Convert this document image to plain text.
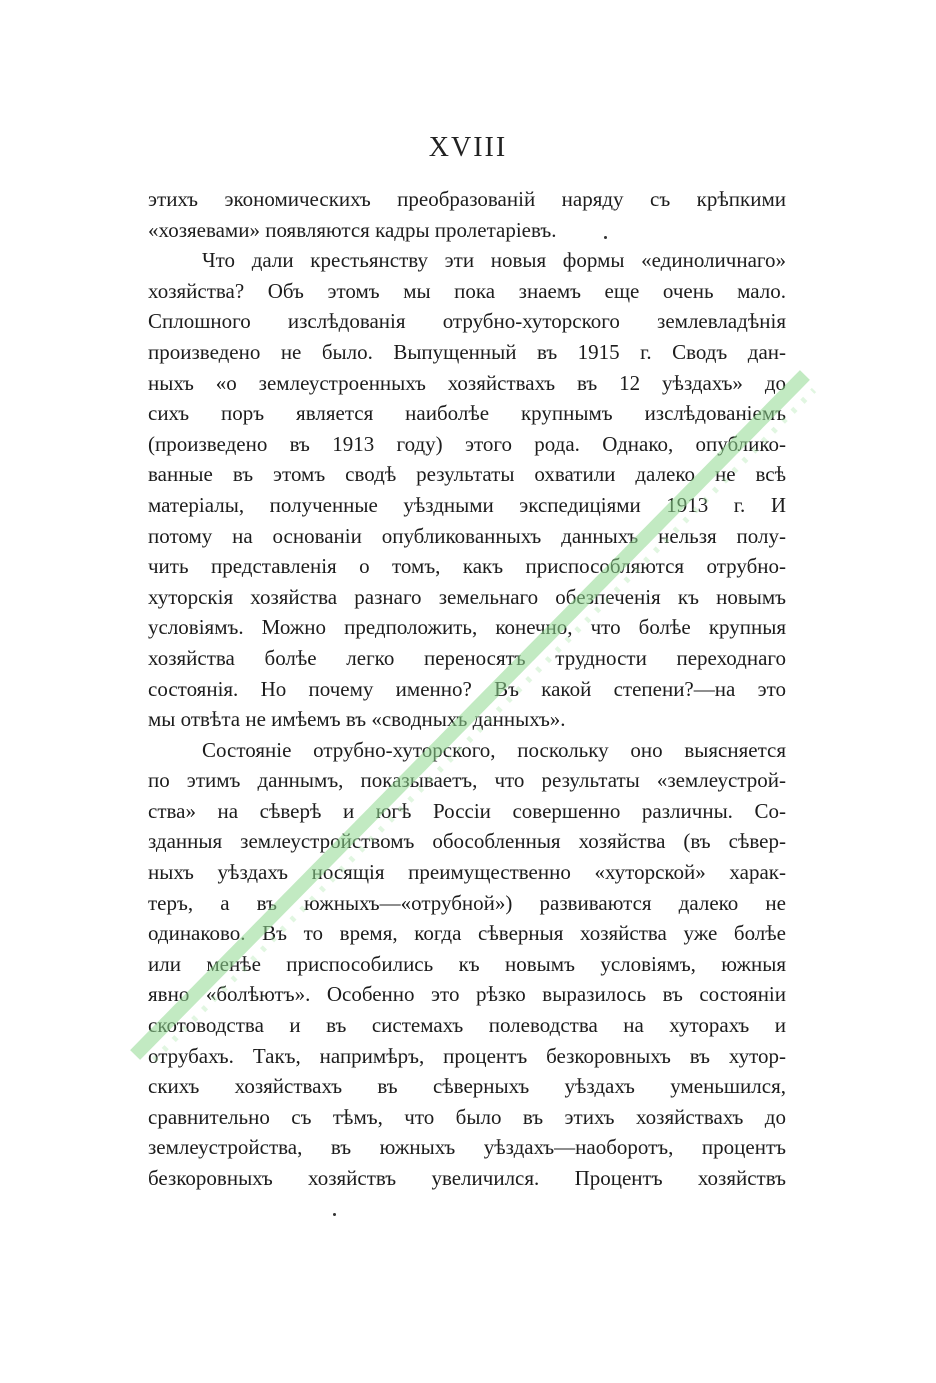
XVIII
этихъ экономическихъ преобразованій наряду съ крѣпкими
«хозяевами» появляются кадры пролетаріевъ.
Что дали крестьянству эти новыя формы «единоличнаго»
хозяйства? Объ этомъ мы пока знаемъ еще очень мало.
Сплошного изслѣдованія отрубно-хуторского землевладѣнія
произведено не было. Выпущенный въ 1915 г. Сводъ дан-
ныхъ «о землеустроенныхъ хозяйствахъ въ 12 уѣздахъ» до
сихъ поръ является наиболѣе крупнымъ изслѣдованіемъ
(произведено въ 1913 году) этого рода. Однако, опублико-
ванные въ этомъ сводѣ результаты охватили далеко не всѣ
матеріалы, полученные уѣздными экспедиціями 1913 г. И
потому на основаніи опубликованныхъ данныхъ нельзя полу-
чить представленія о томъ, какъ приспособляются отрубно-
хуторскія хозяйства разнаго земельнаго обезпеченія къ новымъ
условіямъ. Можно предположить, конечно, что болѣе крупныя
хозяйства болѣе легко переносятъ трудности переходнаго
состоянія. Но почему именно? Въ какой степени?—на это
мы отвѣта не имѣемъ въ «сводныхъ данныхъ».
Состояніе отрубно-хуторского, поскольку оно выясняется
по этимъ даннымъ, показываетъ, что результаты «землеустрой-
ства» на сѣверѣ и югѣ Россіи совершенно различны. Со-
зданныя землеустройствомъ обособленныя хозяйства (въ сѣвер-
ныхъ уѣздахъ носящія преимущественно «хуторской» харак-
теръ, а въ южныхъ—«отрубной») развиваются далеко не
одинаково. Въ то время, когда сѣверныя хозяйства уже болѣе
или менѣе приспособились къ новымъ условіямъ, южныя
явно «болѣютъ». Особенно это рѣзко выразилось въ состояніи
скотоводства и въ системахъ полеводства на хуторахъ и
отрубахъ. Такъ, напримѣръ, процентъ безкоровныхъ въ хутор-
скихъ хозяйствахъ въ сѣверныхъ уѣздахъ уменьшился,
сравнительно съ тѣмъ, что было въ этихъ хозяйствахъ до
землеустройства, въ южныхъ уѣздахъ—наоборотъ, процентъ
безкоровныхъ хозяйствъ увеличился. Процентъ хозяйствъ
